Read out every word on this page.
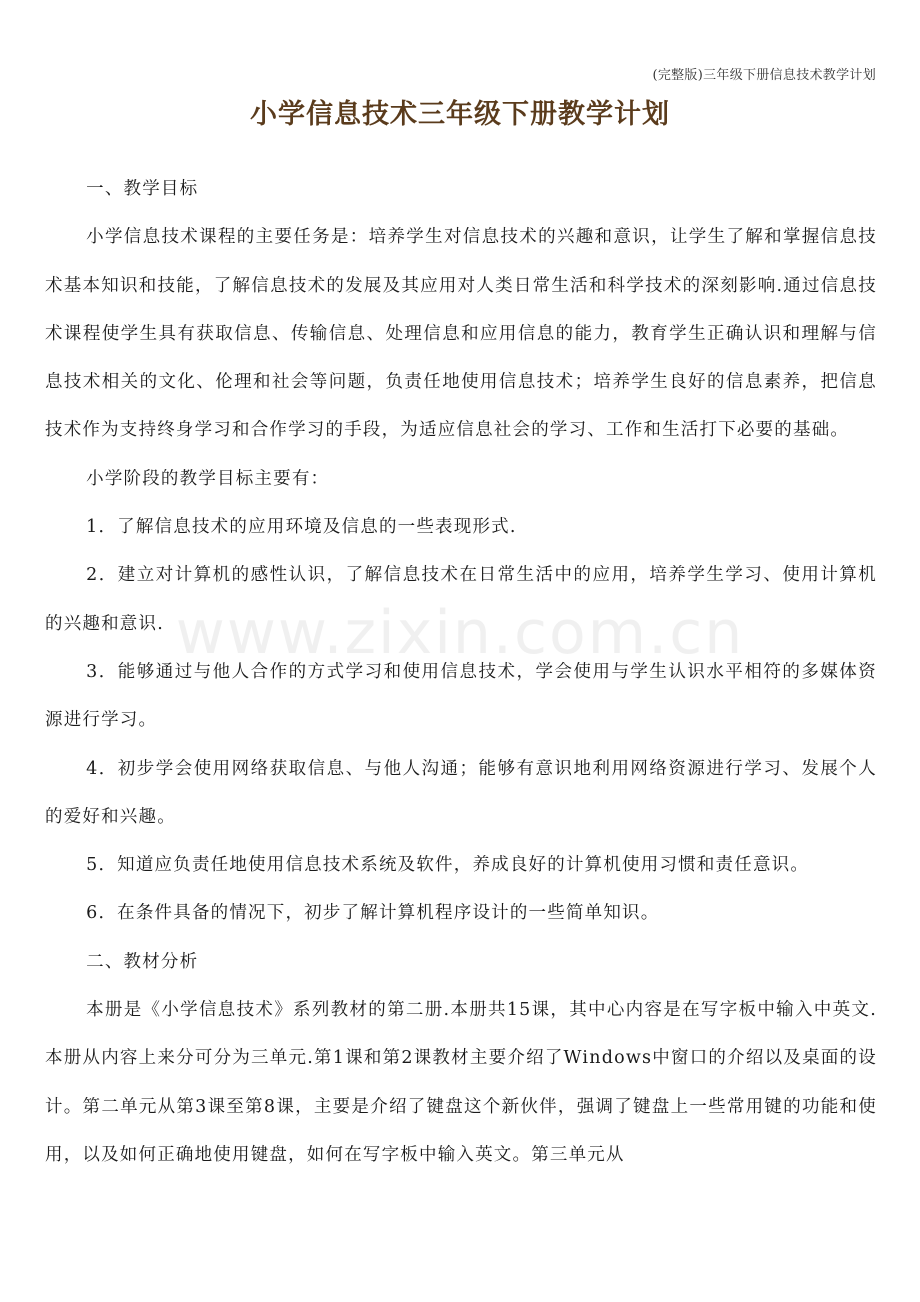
(完整版)三年级下册信息技术教学计划
小学信息技术三年级下册教学计划

一、教学目标

小学信息技术课程的主要任务是：培养学生对信息技术的兴趣和意识，让学生了解和掌握信息技术基本知识和技能，了解信息技术的发展及其应用对人类日常生活和科学技术的深刻影响.通过信息技术课程使学生具有获取信息、传输信息、处理信息和应用信息的能力，教育学生正确认识和理解与信息技术相关的文化、伦理和社会等问题，负责任地使用信息技术；培养学生良好的信息素养，把信息技术作为支持终身学习和合作学习的手段，为适应信息社会的学习、工作和生活打下必要的基础。

小学阶段的教学目标主要有：

1．了解信息技术的应用环境及信息的一些表现形式.

2．建立对计算机的感性认识，了解信息技术在日常生活中的应用，培养学生学习、使用计算机的兴趣和意识.

3．能够通过与他人合作的方式学习和使用信息技术，学会使用与学生认识水平相符的多媒体资源进行学习。

4．初步学会使用网络获取信息、与他人沟通；能够有意识地利用网络资源进行学习、发展个人的爱好和兴趣。

5．知道应负责任地使用信息技术系统及软件，养成良好的计算机使用习惯和责任意识。

6．在条件具备的情况下，初步了解计算机程序设计的一些简单知识。

二、教材分析

本册是《小学信息技术》系列教材的第二册.本册共15课，其中心内容是在写字板中输入中英文.本册从内容上来分可分为三单元.第1课和第2课教材主要介绍了Windows中窗口的介绍以及桌面的设计。第二单元从第3课至第8课，主要是介绍了键盘这个新伙伴，强调了键盘上一些常用键的功能和使用，以及如何正确地使用键盘，如何在写字板中输入英文。第三单元从

www.zixin.com.cn
